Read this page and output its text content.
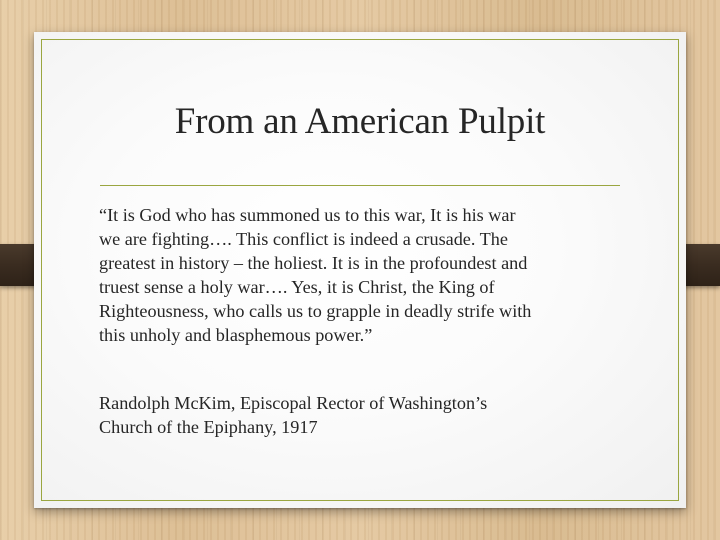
From an American Pulpit

“It is God who has summoned us to this war, It is his war
we are fighting…. This conflict is indeed a crusade. The
greatest in history – the holiest. It is in the profoundest and
truest sense a holy war…. Yes, it is Christ, the King of
Righteousness, who calls us to grapple in deadly strife with
this unholy and blasphemous power.”

Randolph McKim, Episcopal Rector of Washington’s
Church of the Epiphany, 1917
